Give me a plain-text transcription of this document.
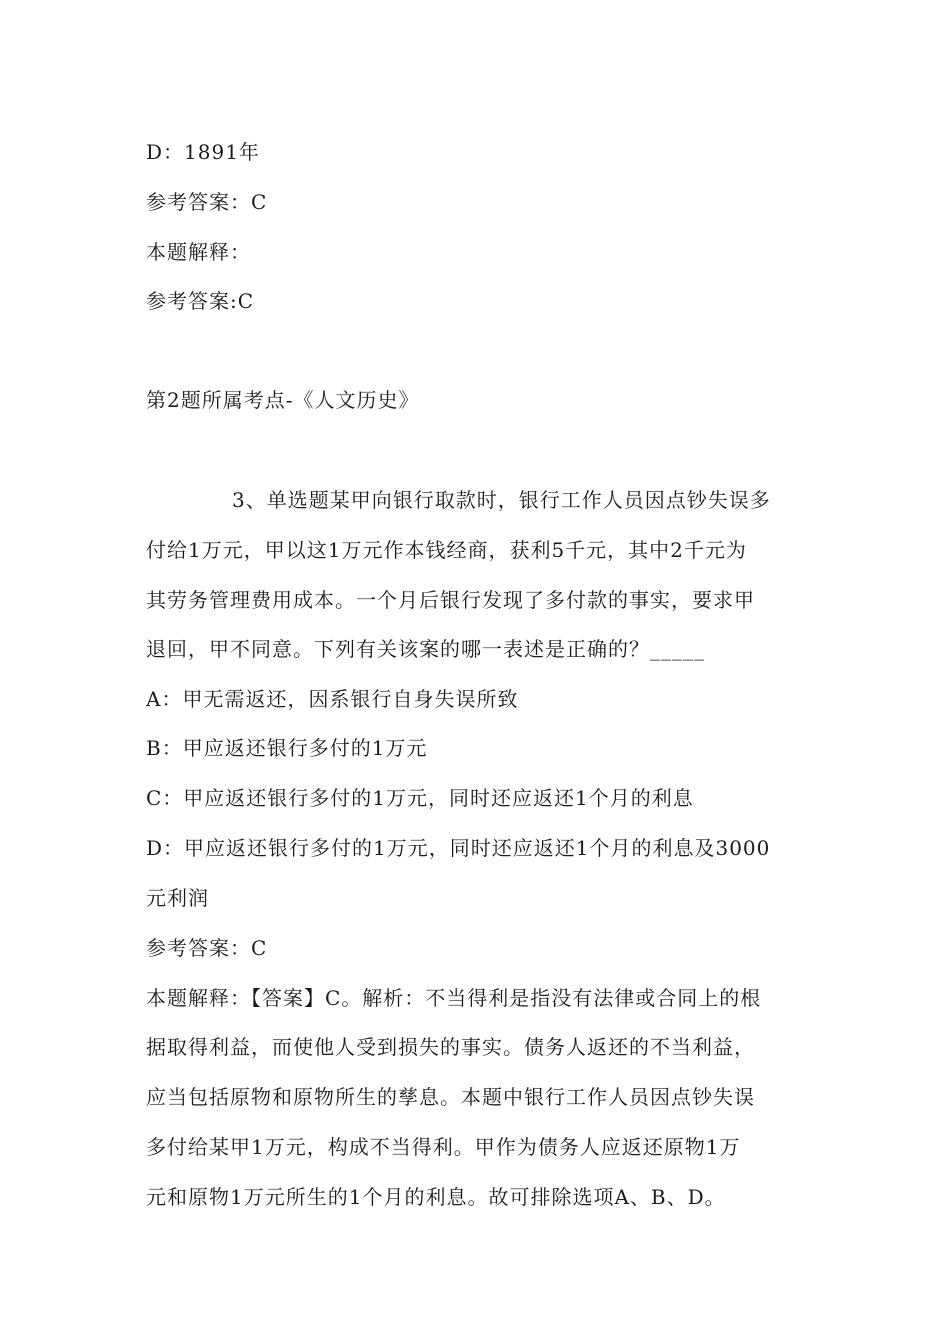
D：1891年
参考答案：C
本题解释：
参考答案:C
第2题所属考点-《人文历史》
3、单选题某甲向银行取款时，银行工作人员因点钞失误多
付给1万元，甲以这1万元作本钱经商，获利5千元，其中2千元为
其劳务管理费用成本。一个月后银行发现了多付款的事实，要求甲
退回，甲不同意。下列有关该案的哪一表述是正确的？_____
A：甲无需返还，因系银行自身失误所致
B：甲应返还银行多付的1万元
C：甲应返还银行多付的1万元，同时还应返还1个月的利息
D：甲应返还银行多付的1万元，同时还应返还1个月的利息及3000
元利润
参考答案：C
本题解释：【答案】C。解析：不当得利是指没有法律或合同上的根
据取得利益，而使他人受到损失的事实。债务人返还的不当利益，
应当包括原物和原物所生的孳息。本题中银行工作人员因点钞失误
多付给某甲1万元，构成不当得利。甲作为债务人应返还原物1万
元和原物1万元所生的1个月的利息。故可排除选项A、B、D。
